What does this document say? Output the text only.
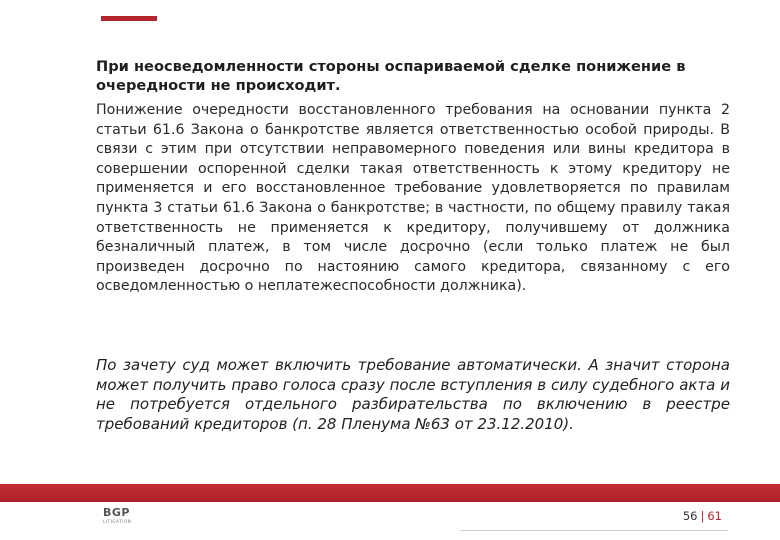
При неосведомленности стороны оспариваемой сделке понижение в очередности не происходит.

Понижение очередности восстановленного требования на основании пункта 2 статьи 61.6 Закона о банкротстве является ответственностью особой природы. В связи с этим при отсутствии неправомерного поведения или вины кредитора в совершении оспоренной сделки такая ответственность к этому кредитору не применяется и его восстановленное требование удовлетворяется по правилам пункта 3 статьи 61.6 Закона о банкротстве; в частности, по общему правилу такая ответственность не применяется к кредитору, получившему от должника безналичный платеж, в том числе досрочно (если только платеж не был произведен досрочно по настоянию самого кредитора, связанному с его осведомленностью о неплатежеспособности должника).

По зачету суд может включить требование автоматически. А значит сторона может получить право голоса сразу после вступления в силу судебного акта и не потребуется отдельного разбирательства по включению в реестре требований кредиторов (п. 28 Пленума №63 от 23.12.2010).

BGP
LITIGATION	56 | 61
